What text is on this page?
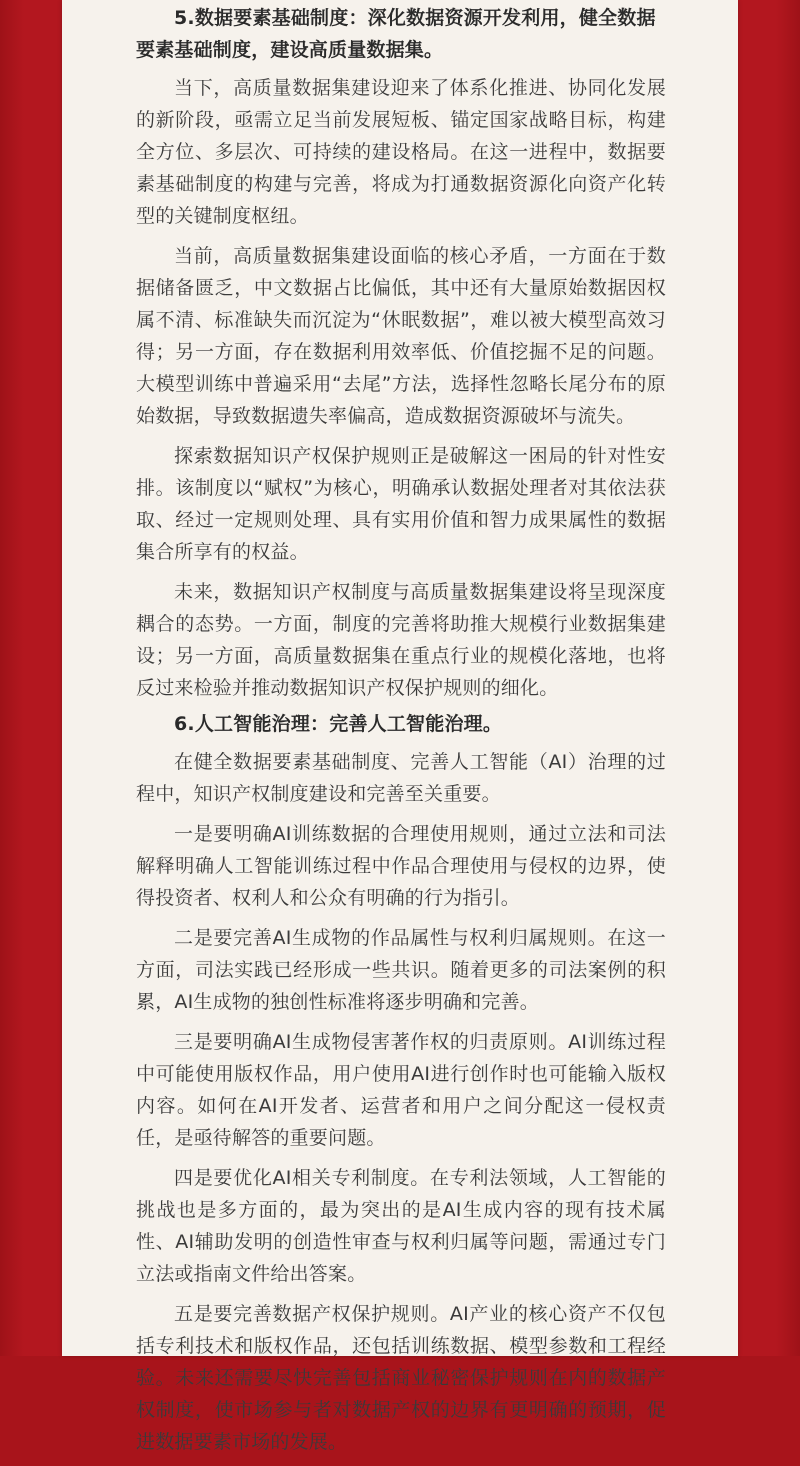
5.数据要素基础制度：深化数据资源开发利用，健全数据要素基础制度，建设高质量数据集。

当下，高质量数据集建设迎来了体系化推进、协同化发展的新阶段，亟需立足当前发展短板、锚定国家战略目标，构建全方位、多层次、可持续的建设格局。在这一进程中，数据要素基础制度的构建与完善，将成为打通数据资源化向资产化转型的关键制度枢纽。

当前，高质量数据集建设面临的核心矛盾，一方面在于数据储备匮乏，中文数据占比偏低，其中还有大量原始数据因权属不清、标准缺失而沉淀为“休眠数据”，难以被大模型高效习得；另一方面，存在数据利用效率低、价值挖掘不足的问题。大模型训练中普遍采用“去尾”方法，选择性忽略长尾分布的原始数据，导致数据遗失率偏高，造成数据资源破坏与流失。

探索数据知识产权保护规则正是破解这一困局的针对性安排。该制度以“赋权”为核心，明确承认数据处理者对其依法获取、经过一定规则处理、具有实用价值和智力成果属性的数据集合所享有的权益。

未来，数据知识产权制度与高质量数据集建设将呈现深度耦合的态势。一方面，制度的完善将助推大规模行业数据集建设；另一方面，高质量数据集在重点行业的规模化落地，也将反过来检验并推动数据知识产权保护规则的细化。

6.人工智能治理：完善人工智能治理。

在健全数据要素基础制度、完善人工智能（AI）治理的过程中，知识产权制度建设和完善至关重要。

一是要明确AI训练数据的合理使用规则，通过立法和司法解释明确人工智能训练过程中作品合理使用与侵权的边界，使得投资者、权利人和公众有明确的行为指引。

二是要完善AI生成物的作品属性与权利归属规则。在这一方面，司法实践已经形成一些共识。随着更多的司法案例的积累，AI生成物的独创性标准将逐步明确和完善。

三是要明确AI生成物侵害著作权的归责原则。AI训练过程中可能使用版权作品，用户使用AI进行创作时也可能输入版权内容。如何在AI开发者、运营者和用户之间分配这一侵权责任，是亟待解答的重要问题。

四是要优化AI相关专利制度。在专利法领域，人工智能的挑战也是多方面的，最为突出的是AI生成内容的现有技术属性、AI辅助发明的创造性审查与权利归属等问题，需通过专门立法或指南文件给出答案。

五是要完善数据产权保护规则。AI产业的核心资产不仅包括专利技术和版权作品，还包括训练数据、模型参数和工程经验。未来还需要尽快完善包括商业秘密保护规则在内的数据产权制度，使市场参与者对数据产权的边界有更明确的预期，促进数据要素市场的发展。
